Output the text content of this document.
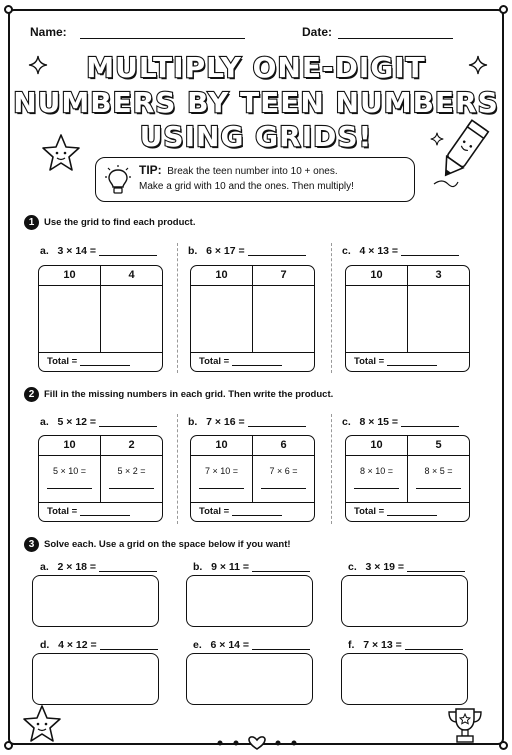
Name:	Date:
MULTIPLY ONE-DIGIT
NUMBERS BY TEEN NUMBERS
USING GRIDS!
TIP: Break the teen number into 10 + ones.
Make a grid with 10 and the ones. Then multiply!
1	Use the grid to find each product.
a. 3 × 14 =	b. 6 × 17 =	c. 4 × 13 =
10	4
Total =
10	7
Total =
10	3
Total =
2	Fill in the missing numbers in each grid. Then write the product.
a. 5 × 12 =	b. 7 × 16 =	c. 8 × 15 =
10	2
5 × 10 =	5 × 2 =
Total =
10	6
7 × 10 =	7 × 6 =
Total =
10	5
8 × 10 =	8 × 5 =
Total =
3	Solve each. Use a grid on the space below if you want!
a. 2 × 18 =	b. 9 × 11 =	c. 3 × 19 =
d. 4 × 12 =	e. 6 × 14 =	f. 7 × 13 =
